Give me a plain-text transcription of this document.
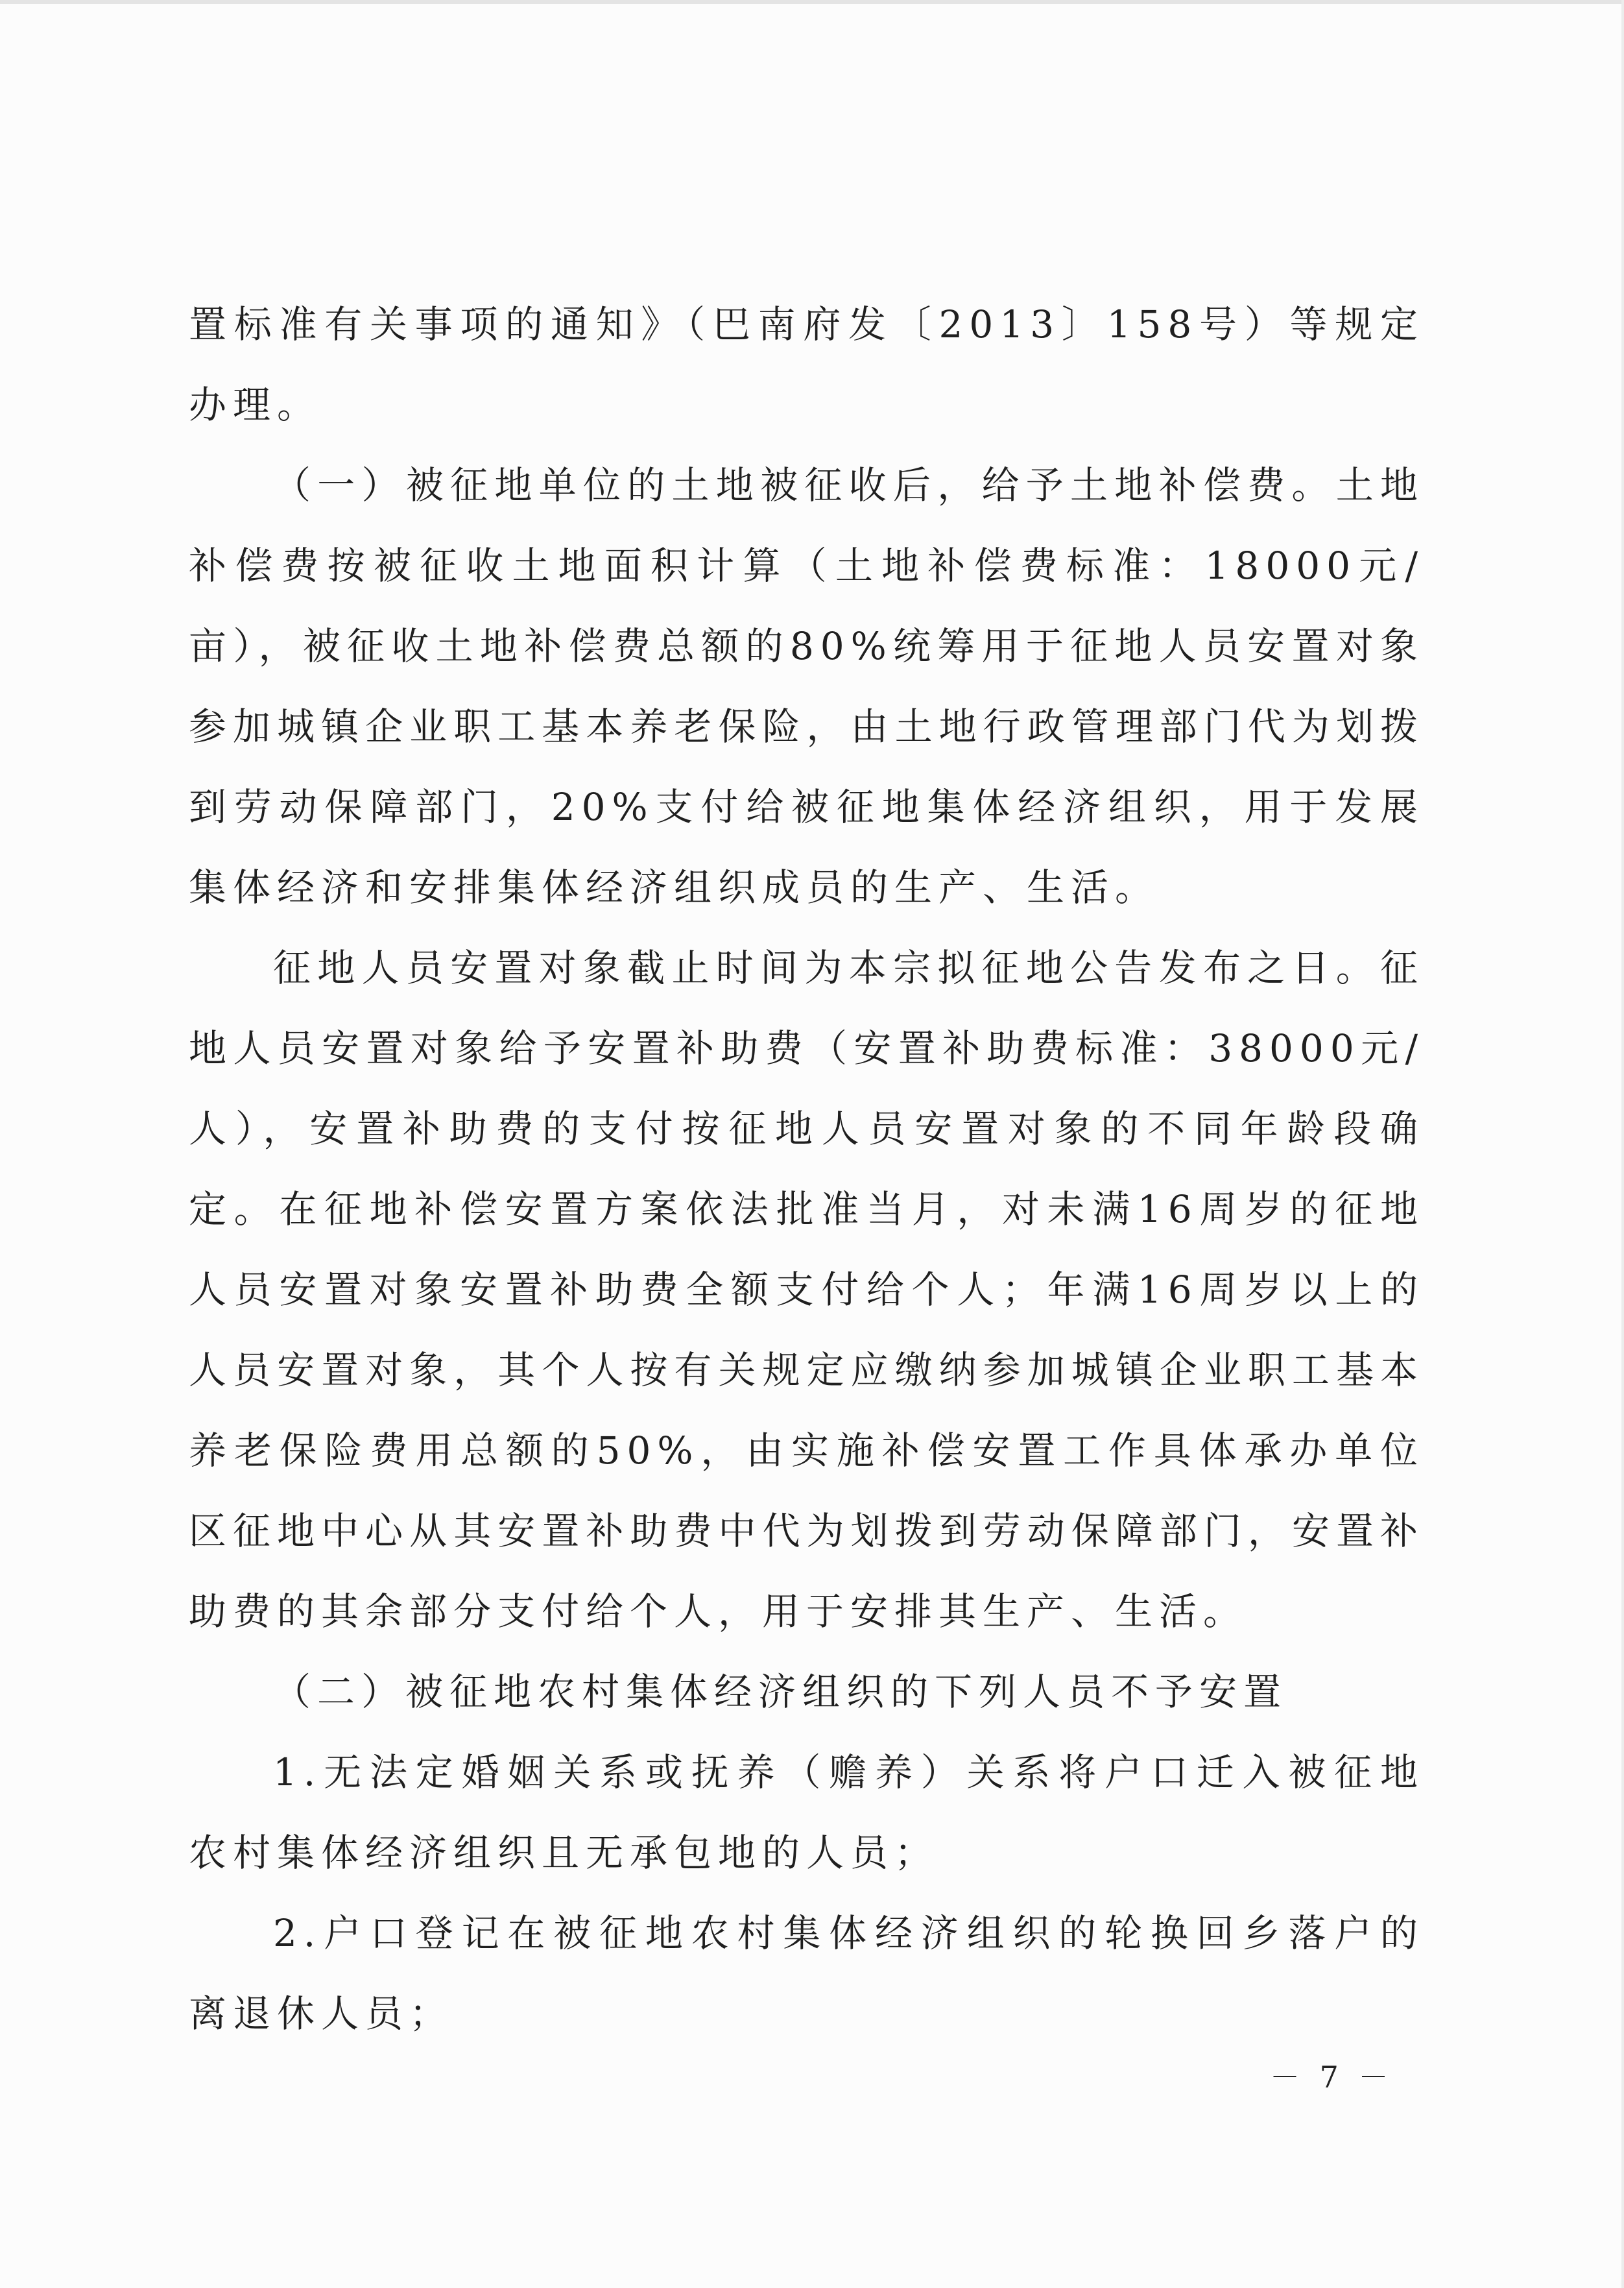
置标准有关事项的通知》（巴南府发〔2013〕158号）等规定办理。

（一）被征地单位的土地被征收后，给予土地补偿费。土地补偿费按被征收土地面积计算（土地补偿费标准：18000元/亩），被征收土地补偿费总额的80%统筹用于征地人员安置对象参加城镇企业职工基本养老保险，由土地行政管理部门代为划拨到劳动保障部门，20%支付给被征地集体经济组织，用于发展集体经济和安排集体经济组织成员的生产、生活。

征地人员安置对象截止时间为本宗拟征地公告发布之日。征地人员安置对象给予安置补助费（安置补助费标准：38000元/人），安置补助费的支付按征地人员安置对象的不同年龄段确定。在征地补偿安置方案依法批准当月，对未满16周岁的征地人员安置对象安置补助费全额支付给个人；年满16周岁以上的人员安置对象，其个人按有关规定应缴纳参加城镇企业职工基本养老保险费用总额的50%，由实施补偿安置工作具体承办单位区征地中心从其安置补助费中代为划拨到劳动保障部门，安置补助费的其余部分支付给个人，用于安排其生产、生活。

（二）被征地农村集体经济组织的下列人员不予安置

1.无法定婚姻关系或抚养（赡养）关系将户口迁入被征地农村集体经济组织且无承包地的人员；

2.户口登记在被征地农村集体经济组织的轮换回乡落户的离退休人员；

－ 7 －
